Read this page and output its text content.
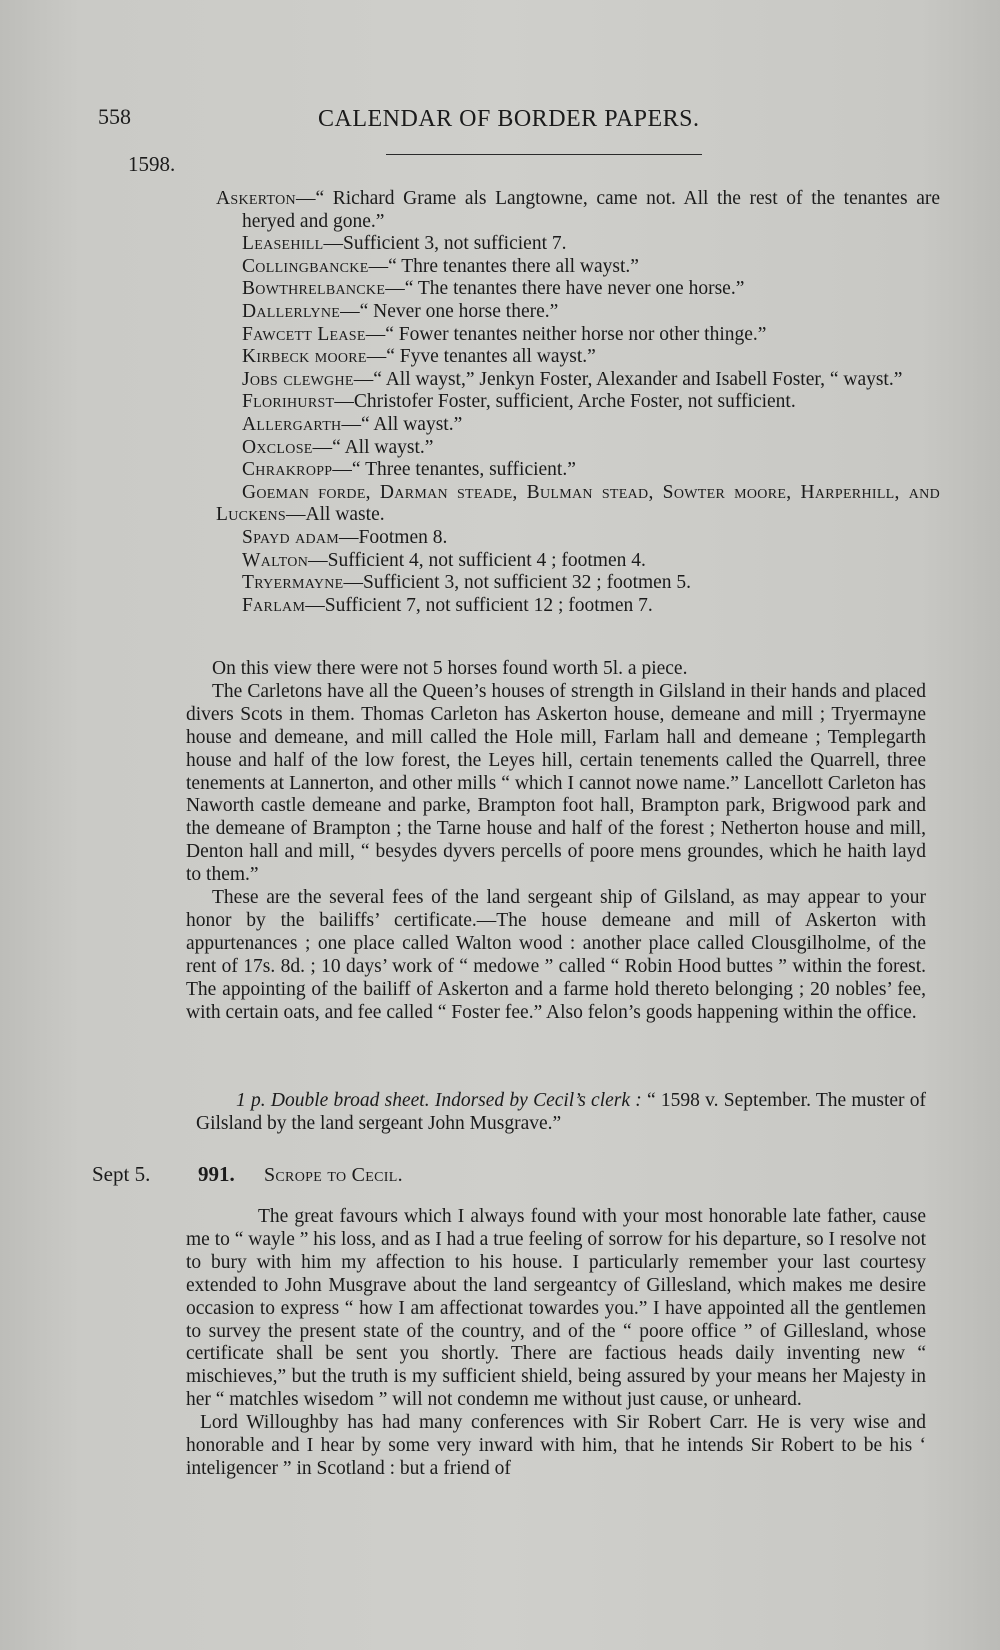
558	CALENDAR OF BORDER PAPERS.
1598.

Askerton—“ Richard Grame als Langtowne, came not. All the rest of the tenantes are heryed and gone.”

Leasehill—Sufficient 3, not sufficient 7.

Collingbancke—“ Thre tenantes there all wayst.”

Bowthrelbancke—“ The tenantes there have never one horse.”

Dallerlyne—“ Never one horse there.”

Fawcett Lease—“ Fower tenantes neither horse nor other thinge.”

Kirbeck moore—“ Fyve tenantes all wayst.”

Jobs clewghe—“ All wayst,” Jenkyn Foster, Alexander and Isabell Foster, “ wayst.”

Florihurst—Christofer Foster, sufficient, Arche Foster, not sufficient.

Allergarth—“ All wayst.”

Oxclose—“ All wayst.”

Chrakropp—“ Three tenantes, sufficient.”

Goeman forde, Darman steade, Bulman stead, Sowter moore, Harperhill, and Luckens—All waste.

Spayd adam—Footmen 8.

Walton—Sufficient 4, not sufficient 4 ; footmen 4.

Tryermayne—Sufficient 3, not sufficient 32 ; footmen 5.

Farlam—Sufficient 7, not sufficient 12 ; footmen 7.

On this view there were not 5 horses found worth 5l. a piece.

The Carletons have all the Queen’s houses of strength in Gilsland in their hands and placed divers Scots in them. Thomas Carleton has Askerton house, demeane and mill ; Tryermayne house and demeane, and mill called the Hole mill, Farlam hall and demeane ; Templegarth house and half of the low forest, the Leyes hill, certain tenements called the Quarrell, three tenements at Lannerton, and other mills “ which I cannot nowe name.” Lancellott Carleton has Naworth castle demeane and parke, Brampton foot hall, Brampton park, Brigwood park and the demeane of Brampton ; the Tarne house and half of the forest ; Netherton house and mill, Denton hall and mill, “ besydes dyvers percells of poore mens groundes, which he haith layd to them.”

These are the several fees of the land sergeant ship of Gilsland, as may appear to your honor by the bailiffs’ certificate.—The house demeane and mill of Askerton with appurtenances ; one place called Walton wood : another place called Clousgilholme, of the rent of 17s. 8d. ; 10 days’ work of “ medowe ” called “ Robin Hood buttes ” within the forest. The appointing of the bailiff of Askerton and a farme hold thereto belonging ; 20 nobles’ fee, with certain oats, and fee called “ Foster fee.” Also felon’s goods happening within the office.

1 p. Double broad sheet. Indorsed by Cecil’s clerk : “ 1598 v. September. The muster of Gilsland by the land sergeant John Musgrave.”
Sept 5. 991. Scrope to Cecil.

The great favours which I always found with your most honorable late father, cause me to “ wayle ” his loss, and as I had a true feeling of sorrow for his departure, so I resolve not to bury with him my affection to his house. I particularly remember your last courtesy extended to John Musgrave about the land sergeantcy of Gillesland, which makes me desire occasion to express “ how I am affectionat towardes you.” I have appointed all the gentlemen to survey the present state of the country, and of the “ poore office ” of Gillesland, whose certificate shall be sent you shortly. There are factious heads daily inventing new “ mischieves,” but the truth is my sufficient shield, being assured by your means her Majesty in her “ matchles wisedom ” will not condemn me without just cause, or unheard.

Lord Willoughby has had many conferences with Sir Robert Carr. He is very wise and honorable and I hear by some very inward with him, that he intends Sir Robert to be his ‘ inteligencer ” in Scotland : but a friend of
